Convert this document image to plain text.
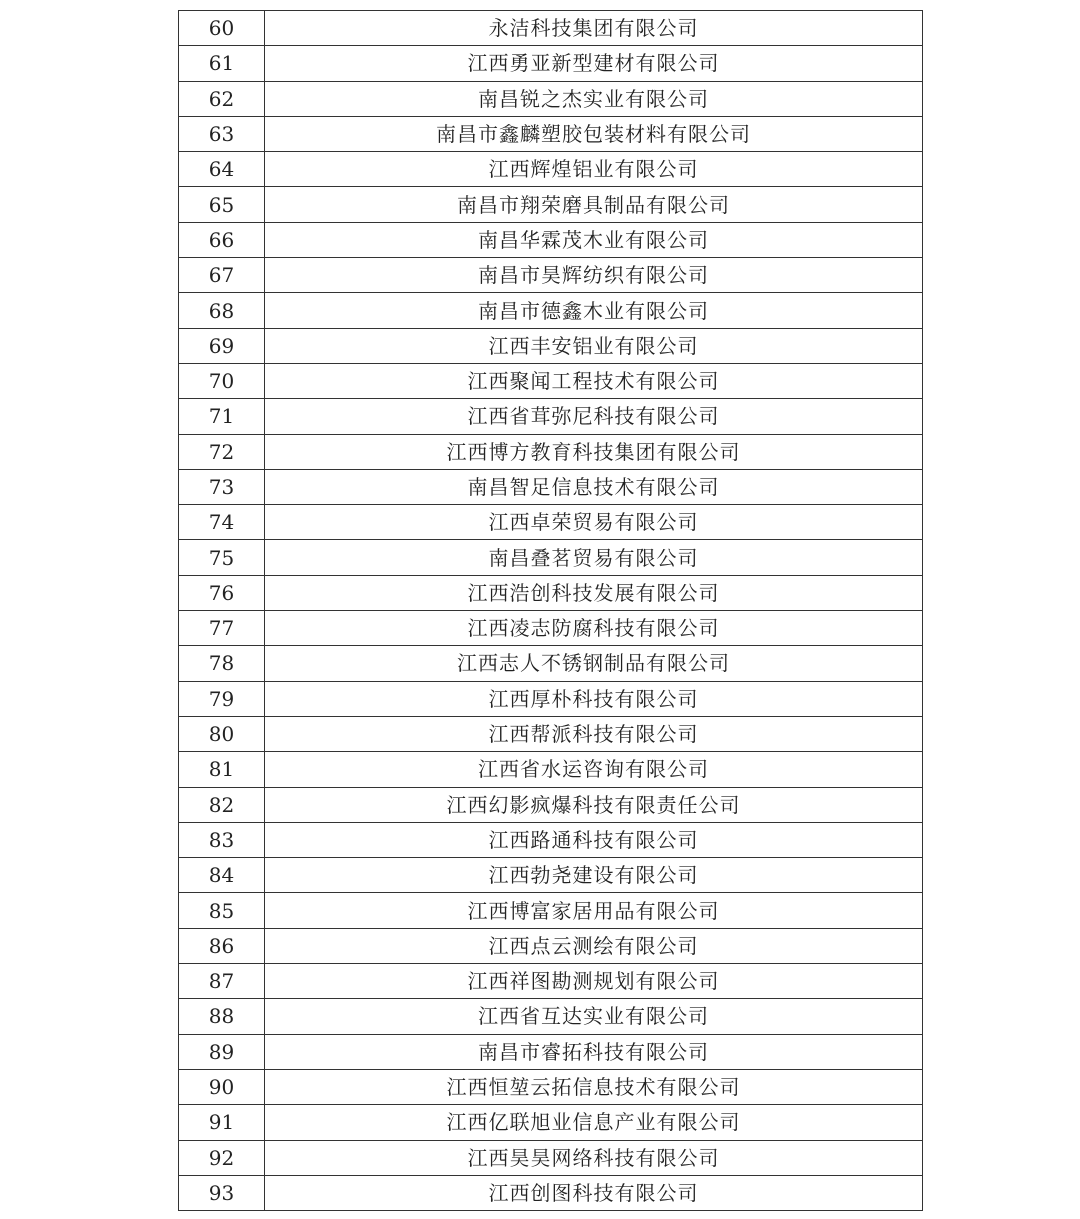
60	永洁科技集团有限公司
61	江西勇亚新型建材有限公司
62	南昌锐之杰实业有限公司
63	南昌市鑫麟塑胶包装材料有限公司
64	江西辉煌铝业有限公司
65	南昌市翔荣磨具制品有限公司
66	南昌华霖茂木业有限公司
67	南昌市昊辉纺织有限公司
68	南昌市德鑫木业有限公司
69	江西丰安铝业有限公司
70	江西聚闻工程技术有限公司
71	江西省茸弥尼科技有限公司
72	江西博方教育科技集团有限公司
73	南昌智足信息技术有限公司
74	江西卓荣贸易有限公司
75	南昌叠茗贸易有限公司
76	江西浩创科技发展有限公司
77	江西凌志防腐科技有限公司
78	江西志人不锈钢制品有限公司
79	江西厚朴科技有限公司
80	江西帮派科技有限公司
81	江西省水运咨询有限公司
82	江西幻影疯爆科技有限责任公司
83	江西路通科技有限公司
84	江西勃尧建设有限公司
85	江西博富家居用品有限公司
86	江西点云测绘有限公司
87	江西祥图勘测规划有限公司
88	江西省互达实业有限公司
89	南昌市睿拓科技有限公司
90	江西恒堃云拓信息技术有限公司
91	江西亿联旭业信息产业有限公司
92	江西昊昊网络科技有限公司
93	江西创图科技有限公司
